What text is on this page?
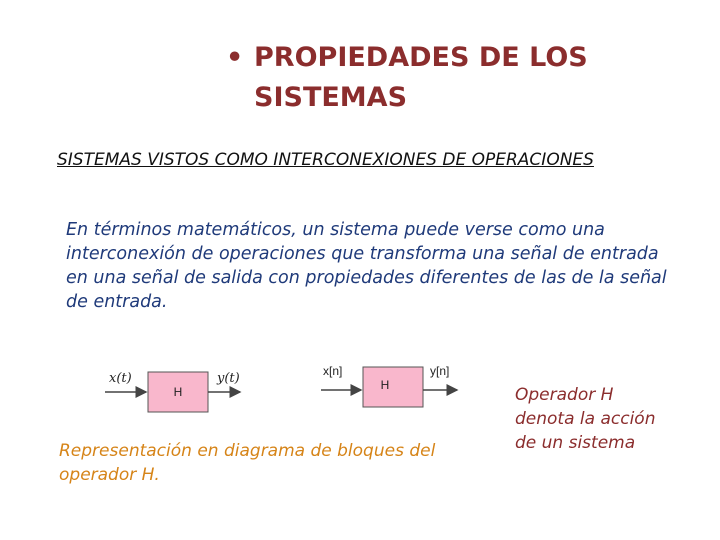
• PROPIEDADES DE LOS
SISTEMAS
SISTEMAS VISTOS COMO INTERCONEXIONES DE OPERACIONES
En términos matemáticos, un sistema puede verse como una
interconexión de operaciones que transforma una señal de entrada
en una señal de salida con propiedades diferentes de las de la señal
de entrada.
x(t)
H
y(t)	x[n]
H
y[n]
Representación en diagrama de bloques del
operador H.
Operador H
denota la acción
de un sistema
